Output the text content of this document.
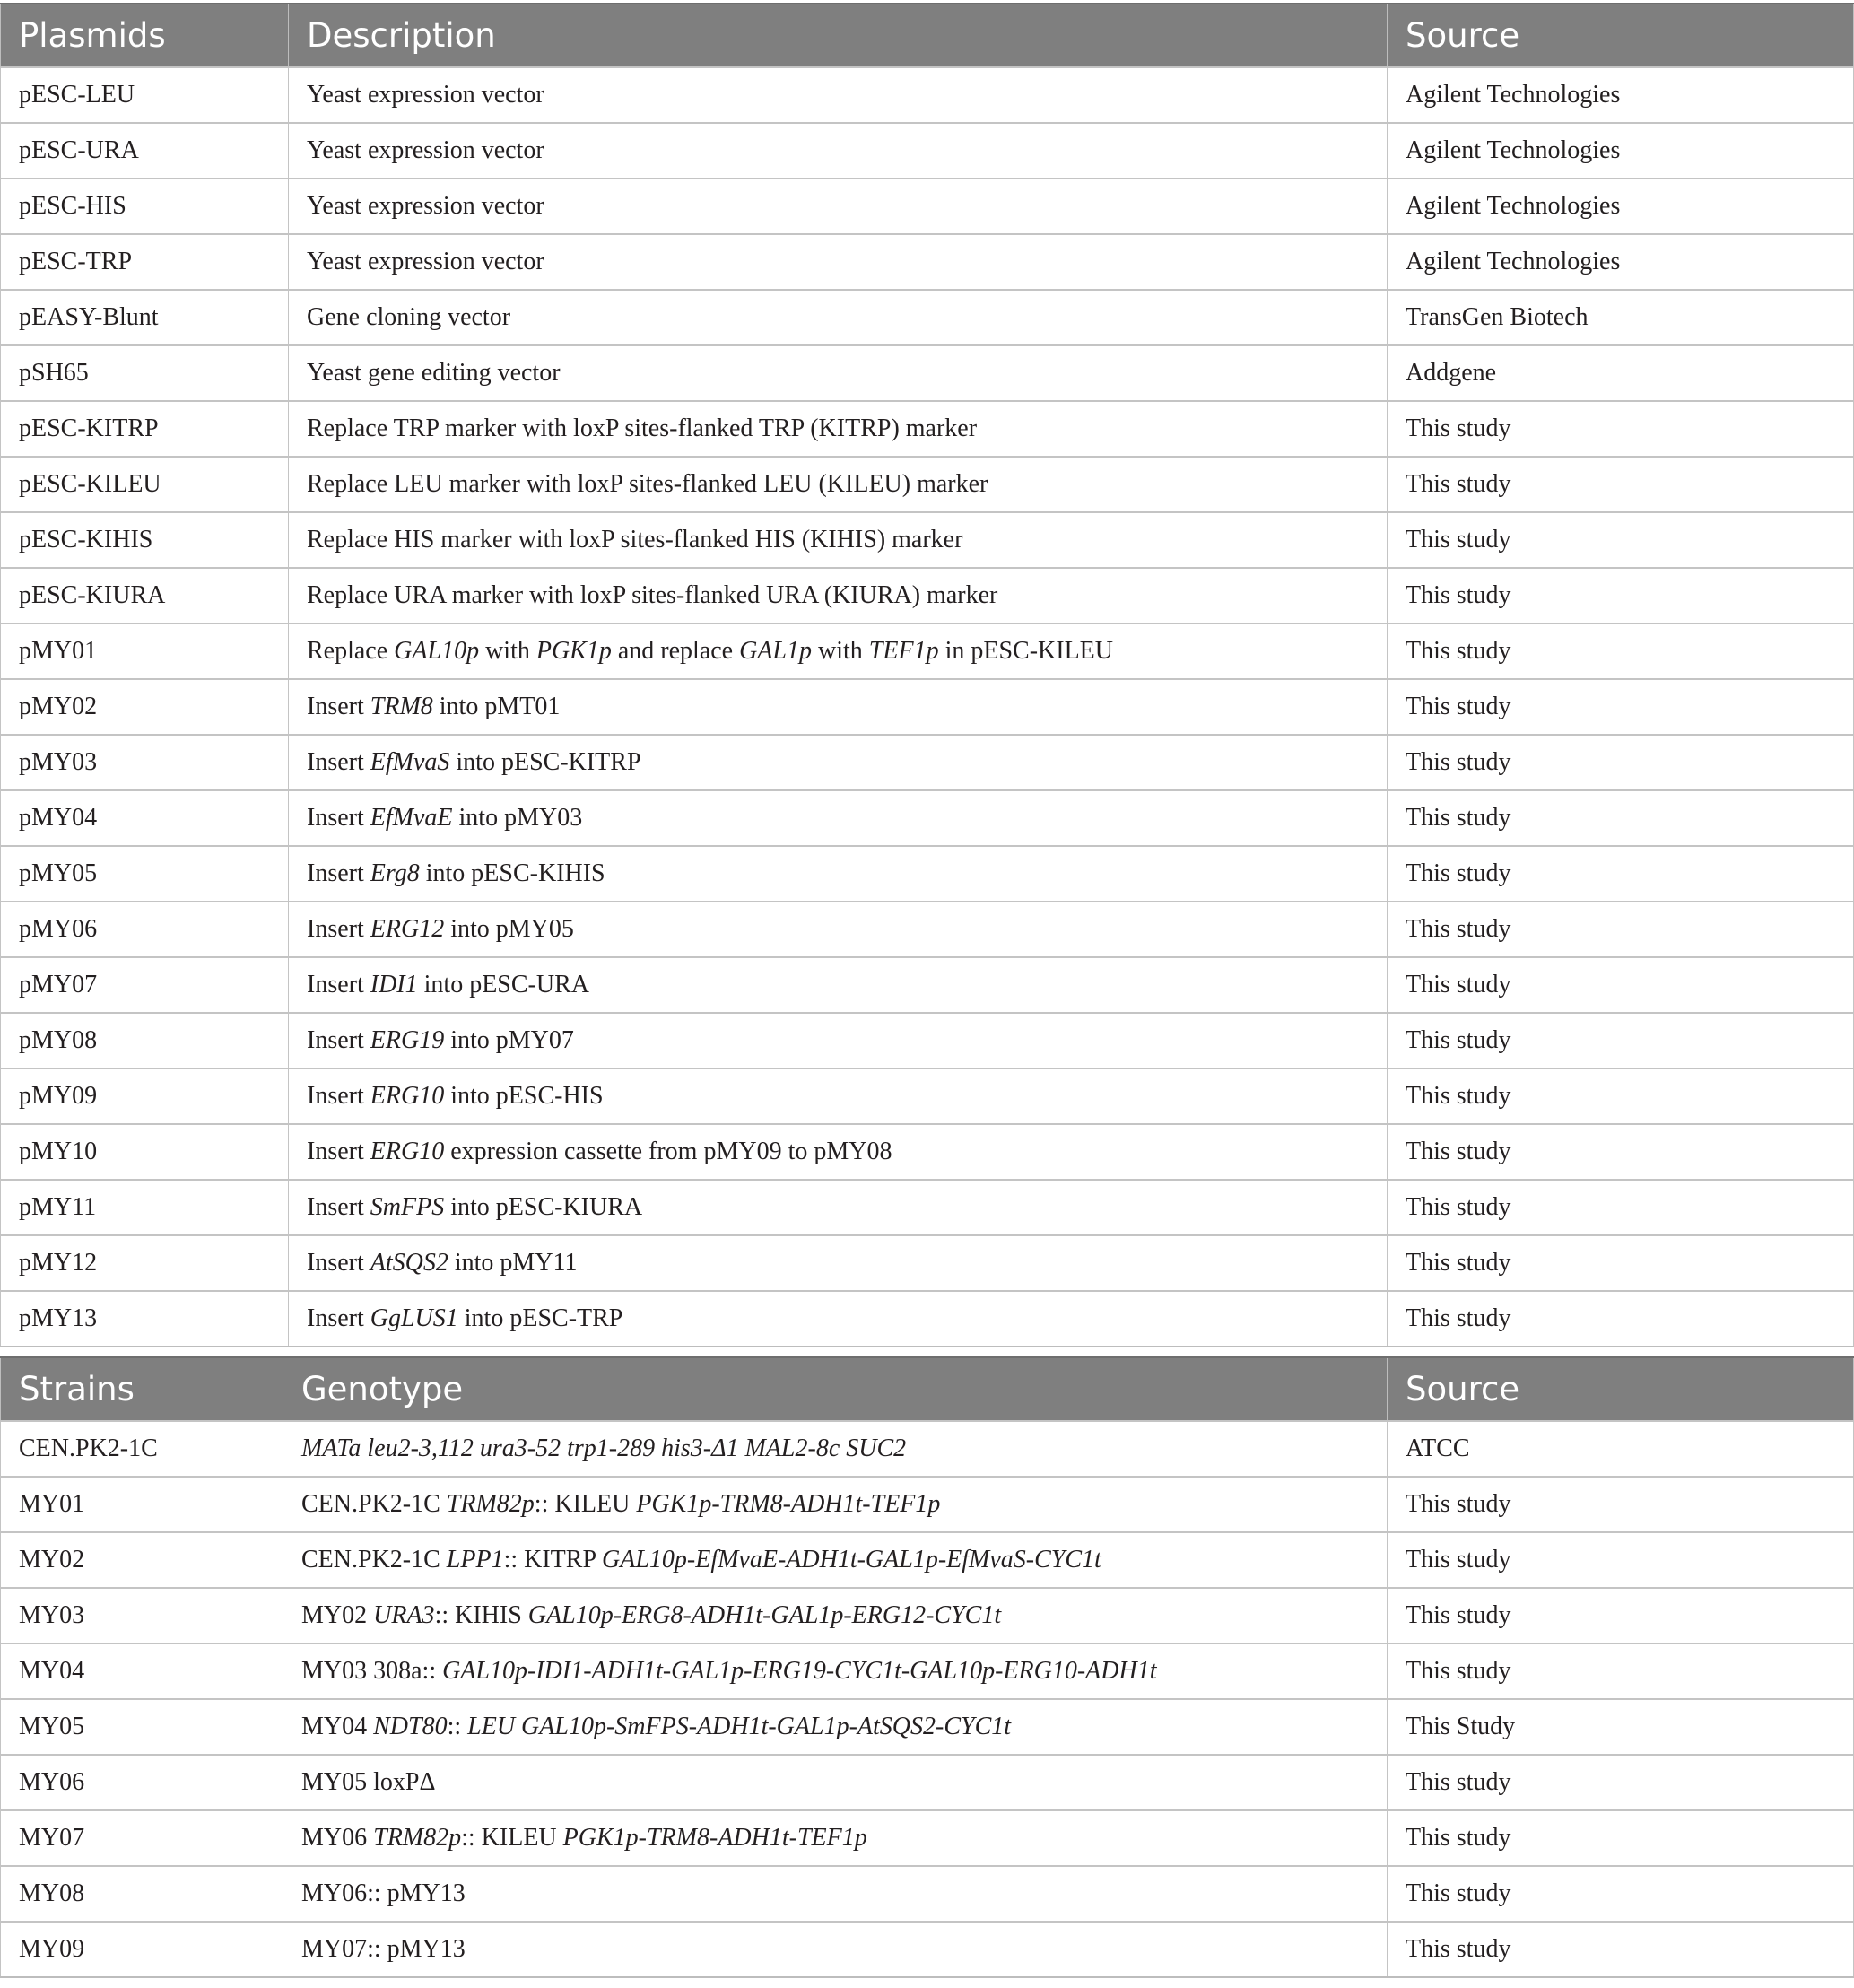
Plasmids	Description	Source
pESC-LEU	Yeast expression vector	Agilent Technologies
pESC-URA	Yeast expression vector	Agilent Technologies
pESC-HIS	Yeast expression vector	Agilent Technologies
pESC-TRP	Yeast expression vector	Agilent Technologies
pEASY-Blunt	Gene cloning vector	TransGen Biotech
pSH65	Yeast gene editing vector	Addgene
pESC-KITRP	Replace TRP marker with loxP sites-flanked TRP (KITRP) marker	This study
pESC-KILEU	Replace LEU marker with loxP sites-flanked LEU (KILEU) marker	This study
pESC-KIHIS	Replace HIS marker with loxP sites-flanked HIS (KIHIS) marker	This study
pESC-KIURA	Replace URA marker with loxP sites-flanked URA (KIURA) marker	This study
pMY01	Replace GAL10p with PGK1p and replace GAL1p with TEF1p in pESC-KILEU	This study
pMY02	Insert TRM8 into pMT01	This study
pMY03	Insert EfMvaS into pESC-KITRP	This study
pMY04	Insert EfMvaE into pMY03	This study
pMY05	Insert Erg8 into pESC-KIHIS	This study
pMY06	Insert ERG12 into pMY05	This study
pMY07	Insert IDI1 into pESC-URA	This study
pMY08	Insert ERG19 into pMY07	This study
pMY09	Insert ERG10 into pESC-HIS	This study
pMY10	Insert ERG10 expression cassette from pMY09 to pMY08	This study
pMY11	Insert SmFPS into pESC-KIURA	This study
pMY12	Insert AtSQS2 into pMY11	This study
pMY13	Insert GgLUS1 into pESC-TRP	This study
Strains	Genotype	Source
CEN.PK2-1C	MATa leu2-3,112 ura3-52 trp1-289 his3-Δ1 MAL2-8c SUC2	ATCC
MY01	CEN.PK2-1C TRM82p:: KILEU PGK1p-TRM8-ADH1t-TEF1p	This study
MY02	CEN.PK2-1C LPP1:: KITRP GAL10p-EfMvaE-ADH1t-GAL1p-EfMvaS-CYC1t	This study
MY03	MY02 URA3:: KIHIS GAL10p-ERG8-ADH1t-GAL1p-ERG12-CYC1t	This study
MY04	MY03 308a:: GAL10p-IDI1-ADH1t-GAL1p-ERG19-CYC1t-GAL10p-ERG10-ADH1t	This study
MY05	MY04 NDT80:: LEU GAL10p-SmFPS-ADH1t-GAL1p-AtSQS2-CYC1t	This Study
MY06	MY05 loxPΔ	This study
MY07	MY06 TRM82p:: KILEU PGK1p-TRM8-ADH1t-TEF1p	This study
MY08	MY06:: pMY13	This study
MY09	MY07:: pMY13	This study
